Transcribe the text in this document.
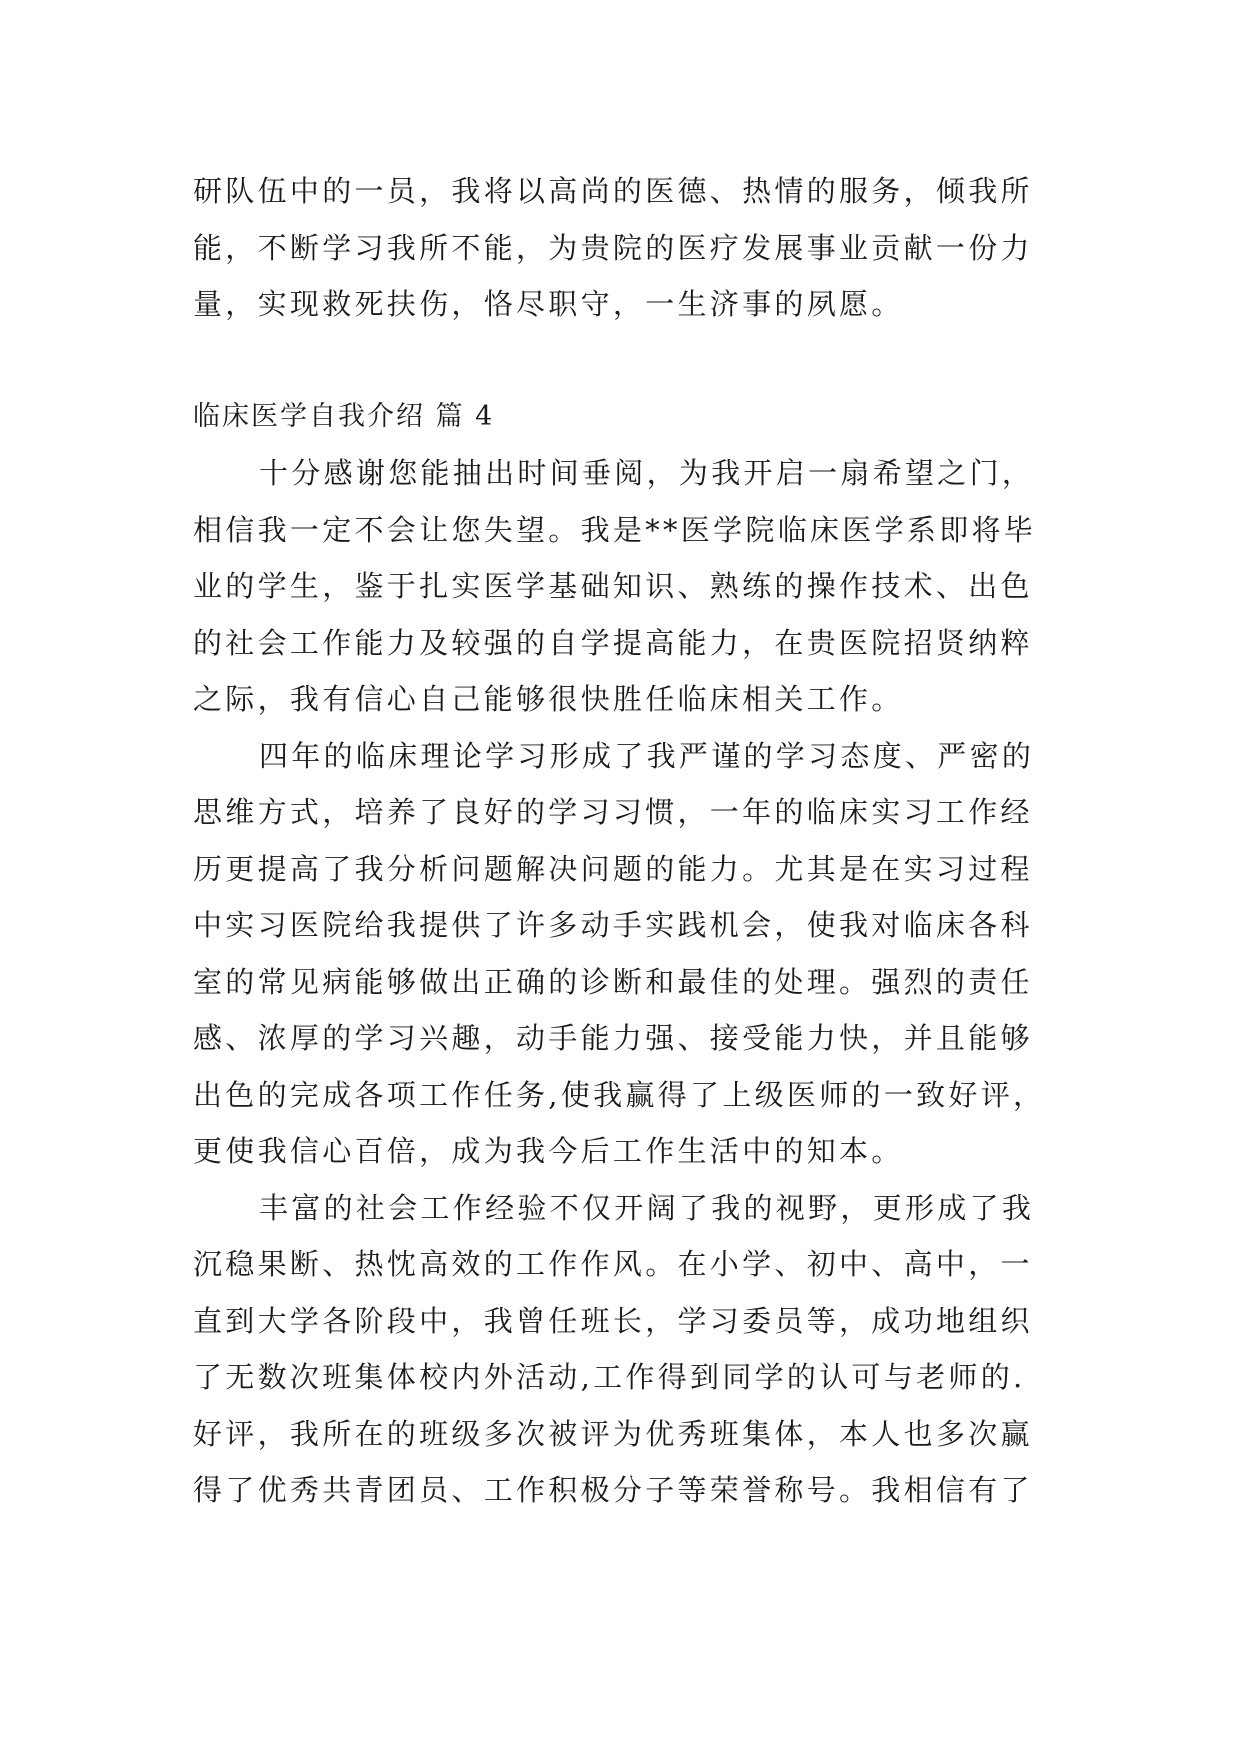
研队伍中的一员，我将以高尚的医德、热情的服务，倾我所
能，不断学习我所不能，为贵院的医疗发展事业贡献一份力
量，实现救死扶伤，恪尽职守，一生济事的夙愿。
临床医学自我介绍 篇 4
十分感谢您能抽出时间垂阅，为我开启一扇希望之门，
相信我一定不会让您失望。我是**医学院临床医学系即将毕
业的学生，鉴于扎实医学基础知识、熟练的操作技术、出色
的社会工作能力及较强的自学提高能力，在贵医院招贤纳粹
之际，我有信心自己能够很快胜任临床相关工作。
四年的临床理论学习形成了我严谨的学习态度、严密的
思维方式，培养了良好的学习习惯，一年的临床实习工作经
历更提高了我分析问题解决问题的能力。尤其是在实习过程
中实习医院给我提供了许多动手实践机会，使我对临床各科
室的常见病能够做出正确的诊断和最佳的处理。强烈的责任
感、浓厚的学习兴趣，动手能力强、接受能力快，并且能够
出色的完成各项工作任务,使我赢得了上级医师的一致好评，
更使我信心百倍，成为我今后工作生活中的知本。
丰富的社会工作经验不仅开阔了我的视野，更形成了我
沉稳果断、热忱高效的工作作风。在小学、初中、高中，一
直到大学各阶段中，我曾任班长，学习委员等，成功地组织
了无数次班集体校内外活动,工作得到同学的认可与老师的.
好评，我所在的班级多次被评为优秀班集体，本人也多次赢
得了优秀共青团员、工作积极分子等荣誉称号。我相信有了
